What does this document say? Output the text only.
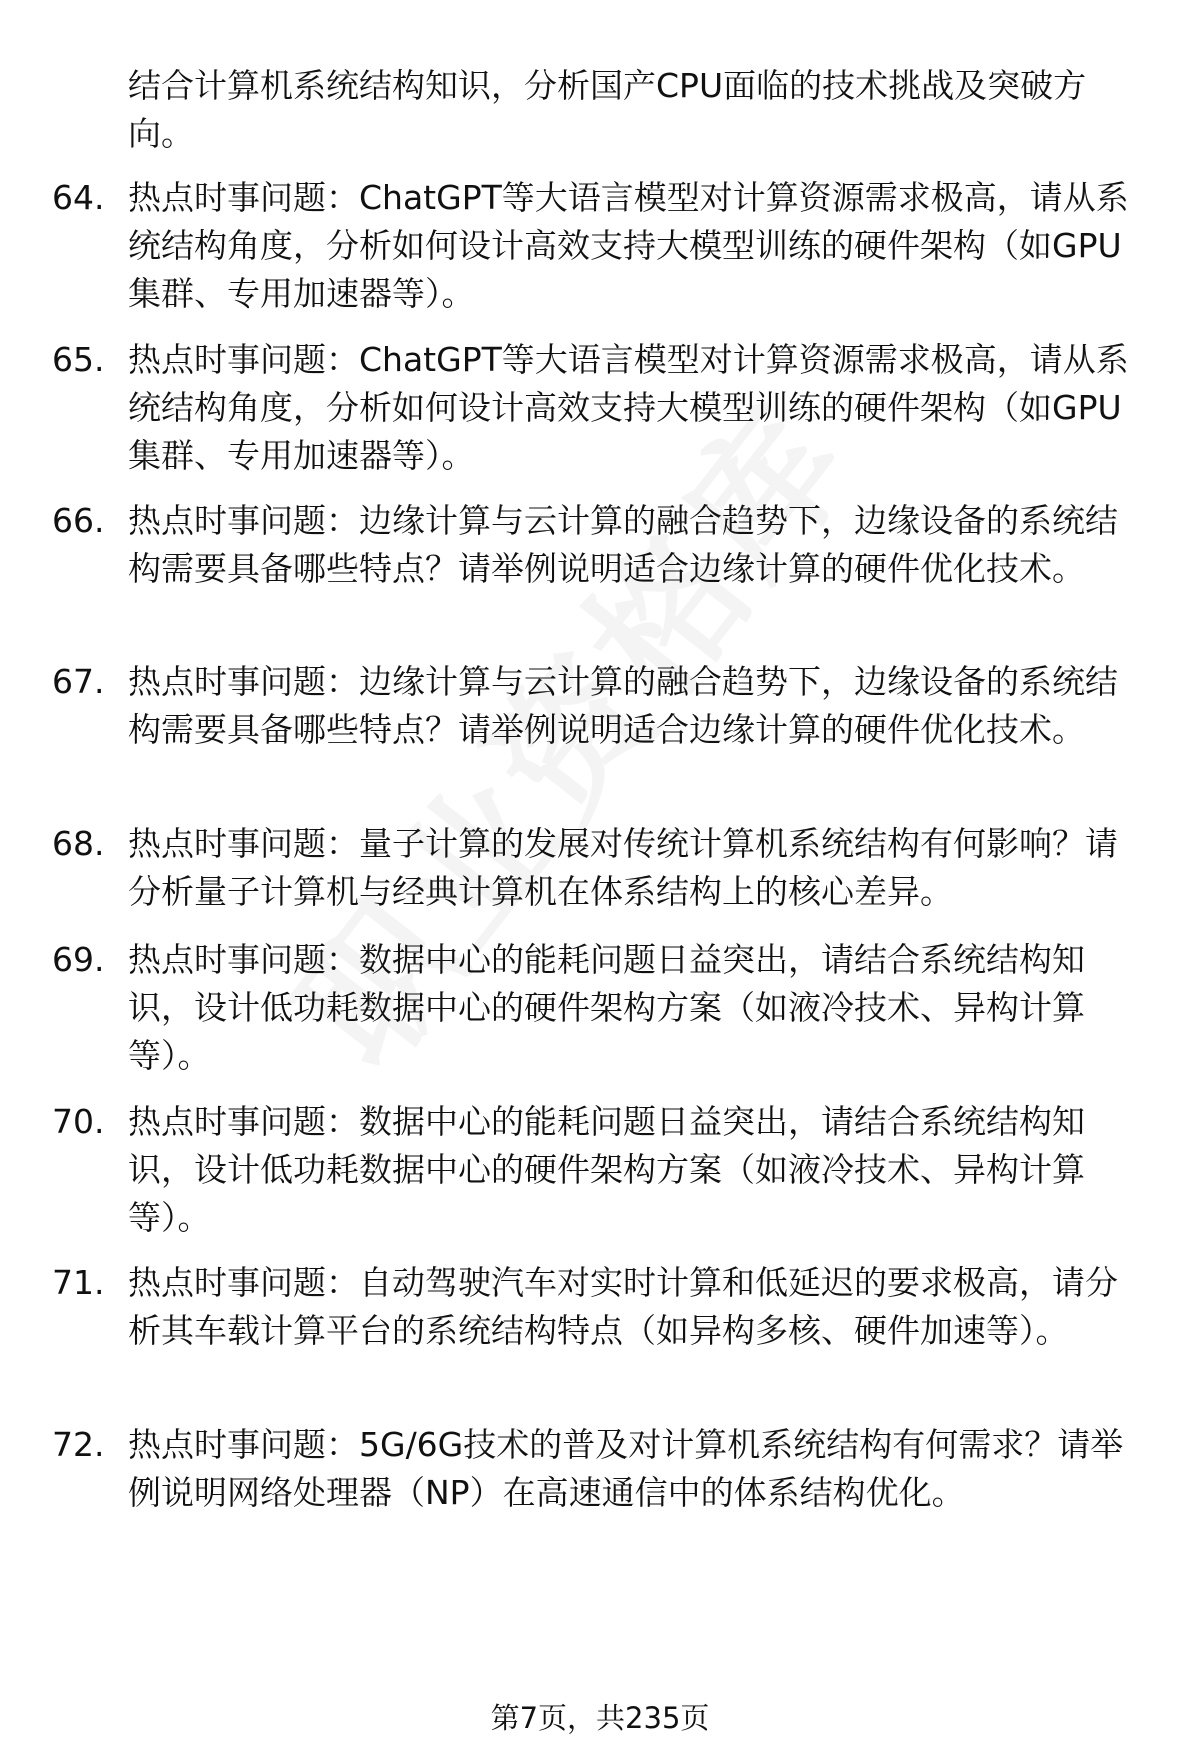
结合计算机系统结构知识，分析国产CPU面临的技术挑战及突破方向。
64. 热点时事问题：ChatGPT等大语言模型对计算资源需求极高，请从系统结构角度，分析如何设计高效支持大模型训练的硬件架构（如GPU集群、专用加速器等）。
65. 热点时事问题：ChatGPT等大语言模型对计算资源需求极高，请从系统结构角度，分析如何设计高效支持大模型训练的硬件架构（如GPU集群、专用加速器等）。
66. 热点时事问题：边缘计算与云计算的融合趋势下，边缘设备的系统结构需要具备哪些特点？请举例说明适合边缘计算的硬件优化技术。
67. 热点时事问题：边缘计算与云计算的融合趋势下，边缘设备的系统结构需要具备哪些特点？请举例说明适合边缘计算的硬件优化技术。
68. 热点时事问题：量子计算的发展对传统计算机系统结构有何影响？请分析量子计算机与经典计算机在体系结构上的核心差异。
69. 热点时事问题：数据中心的能耗问题日益突出，请结合系统结构知识，设计低功耗数据中心的硬件架构方案（如液冷技术、异构计算等）。
70. 热点时事问题：数据中心的能耗问题日益突出，请结合系统结构知识，设计低功耗数据中心的硬件架构方案（如液冷技术、异构计算等）。
71. 热点时事问题：自动驾驶汽车对实时计算和低延迟的要求极高，请分析其车载计算平台的系统结构特点（如异构多核、硬件加速等）。
72. 热点时事问题：5G/6G技术的普及对计算机系统结构有何需求？请举例说明网络处理器（NP）在高速通信中的体系结构优化。
第7页，共235页
